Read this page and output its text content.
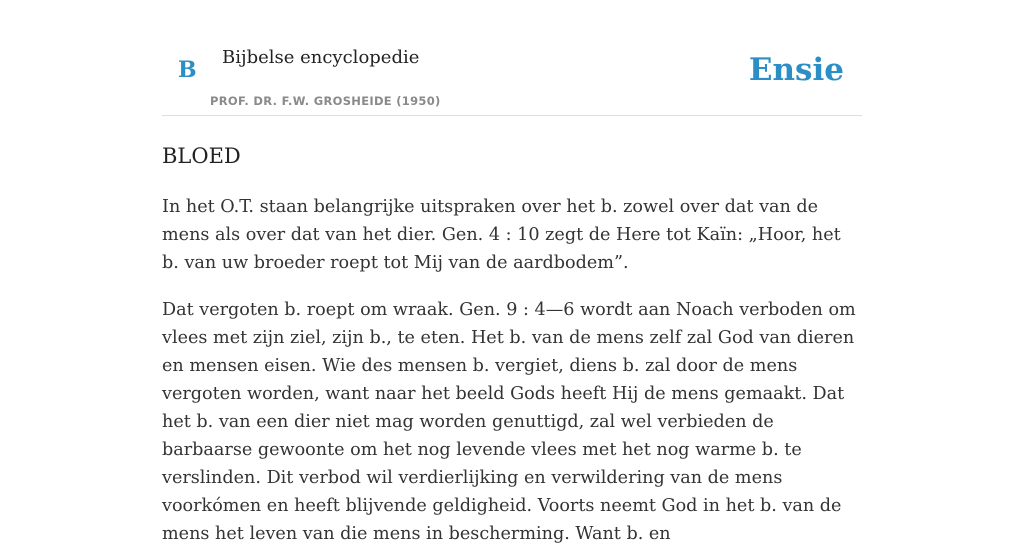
B Bijbelse encyclopedie
PROF. DR. F.W. GROSHEIDE (1950)
Ensie
BLOED

In het O.T. staan belangrijke uitspraken over het b. zowel over dat van de mens als over dat van het dier. Gen. 4 : 10 zegt de Here tot Kaïn: „Hoor, het b. van uw broeder roept tot Mij van de aardbodem”.

Dat vergoten b. roept om wraak. Gen. 9 : 4—6 wordt aan Noach verboden om vlees met zijn ziel, zijn b., te eten. Het b. van de mens zelf zal God van dieren en mensen eisen. Wie des mensen b. vergiet, diens b. zal door de mens vergoten worden, want naar het beeld Gods heeft Hij de mens gemaakt. Dat het b. van een dier niet mag worden genuttigd, zal wel verbieden de barbaarse gewoonte om het nog levende vlees met het nog warme b. te verslinden. Dit verbod wil verdierlijking en verwildering van de mens voorkómen en heeft blijvende geldigheid. Voorts neemt God in het b. van de mens het leven van die mens in bescherming. Want b. en
